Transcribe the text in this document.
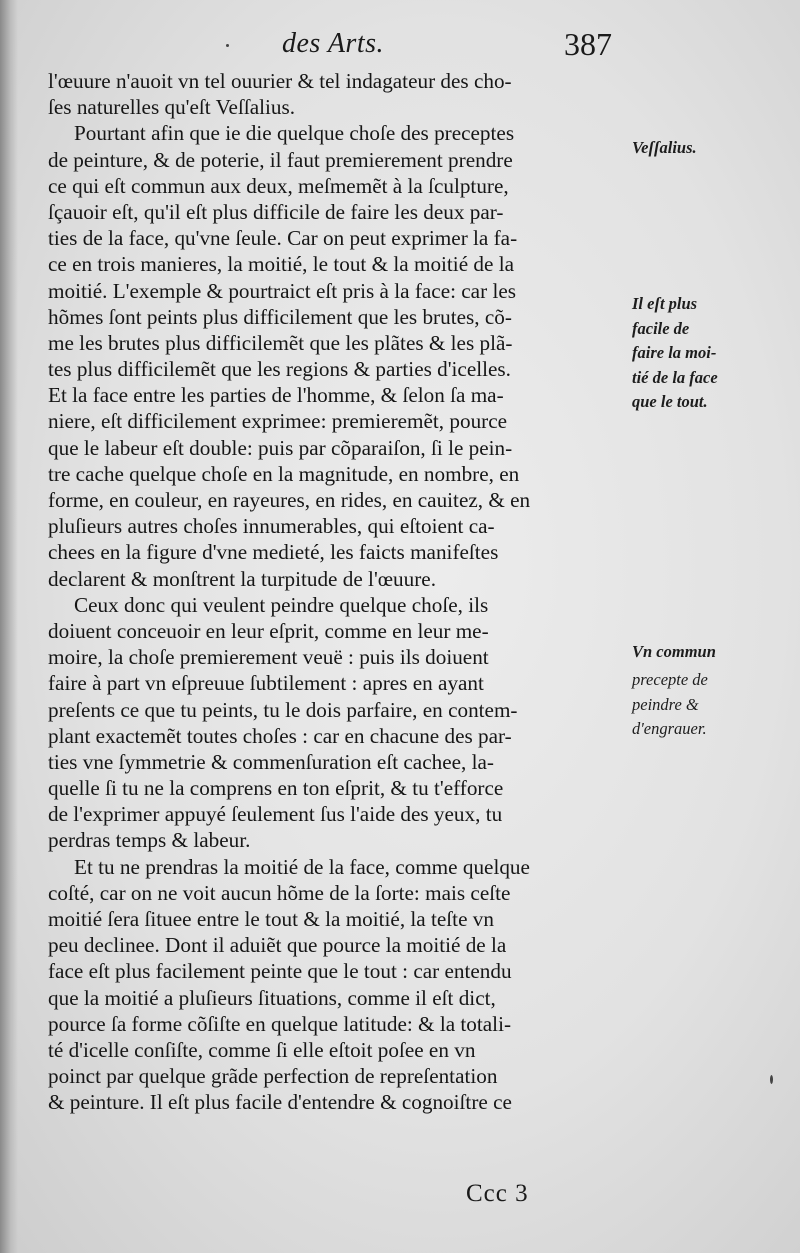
des Arts.	387
l'œuure n'auoit vn tel ouurier & tel indagateur des cho-
ſes naturelles qu'eſt Veſſalius.
Pourtant afin que ie die quelque choſe des preceptes
de peinture, & de poterie, il faut premierement prendre
ce qui eſt commun aux deux, meſmemẽt à la ſculpture,
ſçauoir eſt, qu'il eſt plus difficile de faire les deux par-
ties de la face, qu'vne ſeule. Car on peut exprimer la fa-
ce en trois manieres, la moitié, le tout & la moitié de la
moitié. L'exemple & pourtraict eſt pris à la face: car les
hõmes ſont peints plus difficilement que les brutes, cõ-
me les brutes plus difficilemẽt que les plãtes & les plã-
tes plus difficilemẽt que les regions & parties d'icelles.
Et la face entre les parties de l'homme, & ſelon ſa ma-
niere, eſt difficilement exprimee: premieremẽt, pource
que le labeur eſt double: puis par cõparaiſon, ſi le pein-
tre cache quelque choſe en la magnitude, en nombre, en
forme, en couleur, en rayeures, en rides, en cauitez, & en
pluſieurs autres choſes innumerables, qui eſtoient ca-
chees en la figure d'vne medieté, les faicts manifeſtes
declarent & monſtrent la turpitude de l'œuure.
Ceux donc qui veulent peindre quelque choſe, ils
doiuent conceuoir en leur eſprit, comme en leur me-
moire, la choſe premierement veuë : puis ils doiuent
faire à part vn eſpreuue ſubtilement : apres en ayant
preſents ce que tu peints, tu le dois parfaire, en contem-
plant exactemẽt toutes choſes : car en chacune des par-
ties vne ſymmetrie & commenſuration eſt cachee, la-
quelle ſi tu ne la comprens en ton eſprit, & tu t'efforce
de l'exprimer appuyé ſeulement ſus l'aide des yeux, tu
perdras temps & labeur.
Et tu ne prendras la moitié de la face, comme quelque
coſté, car on ne voit aucun hõme de la ſorte: mais ceſte
moitié ſera ſituee entre le tout & la moitié, la teſte vn
peu declinee. Dont il aduiẽt que pource la moitié de la
face eſt plus facilement peinte que le tout : car entendu
que la moitié a pluſieurs ſituations, comme il eſt dict,
pource ſa forme cõſiſte en quelque latitude: & la totali-
té d'icelle conſiſte, comme ſi elle eſtoit poſee en vn
poinct par quelque grãde perfection de repreſentation
& peinture. Il eſt plus facile d'entendre & cognoiſtre ce
Veſſalius.
Il eſt plus
facile de
faire la moi-
tié de la face
que le tout.
Vn commun
precepte de
peindre &
d'engrauer.
Ccc 3
